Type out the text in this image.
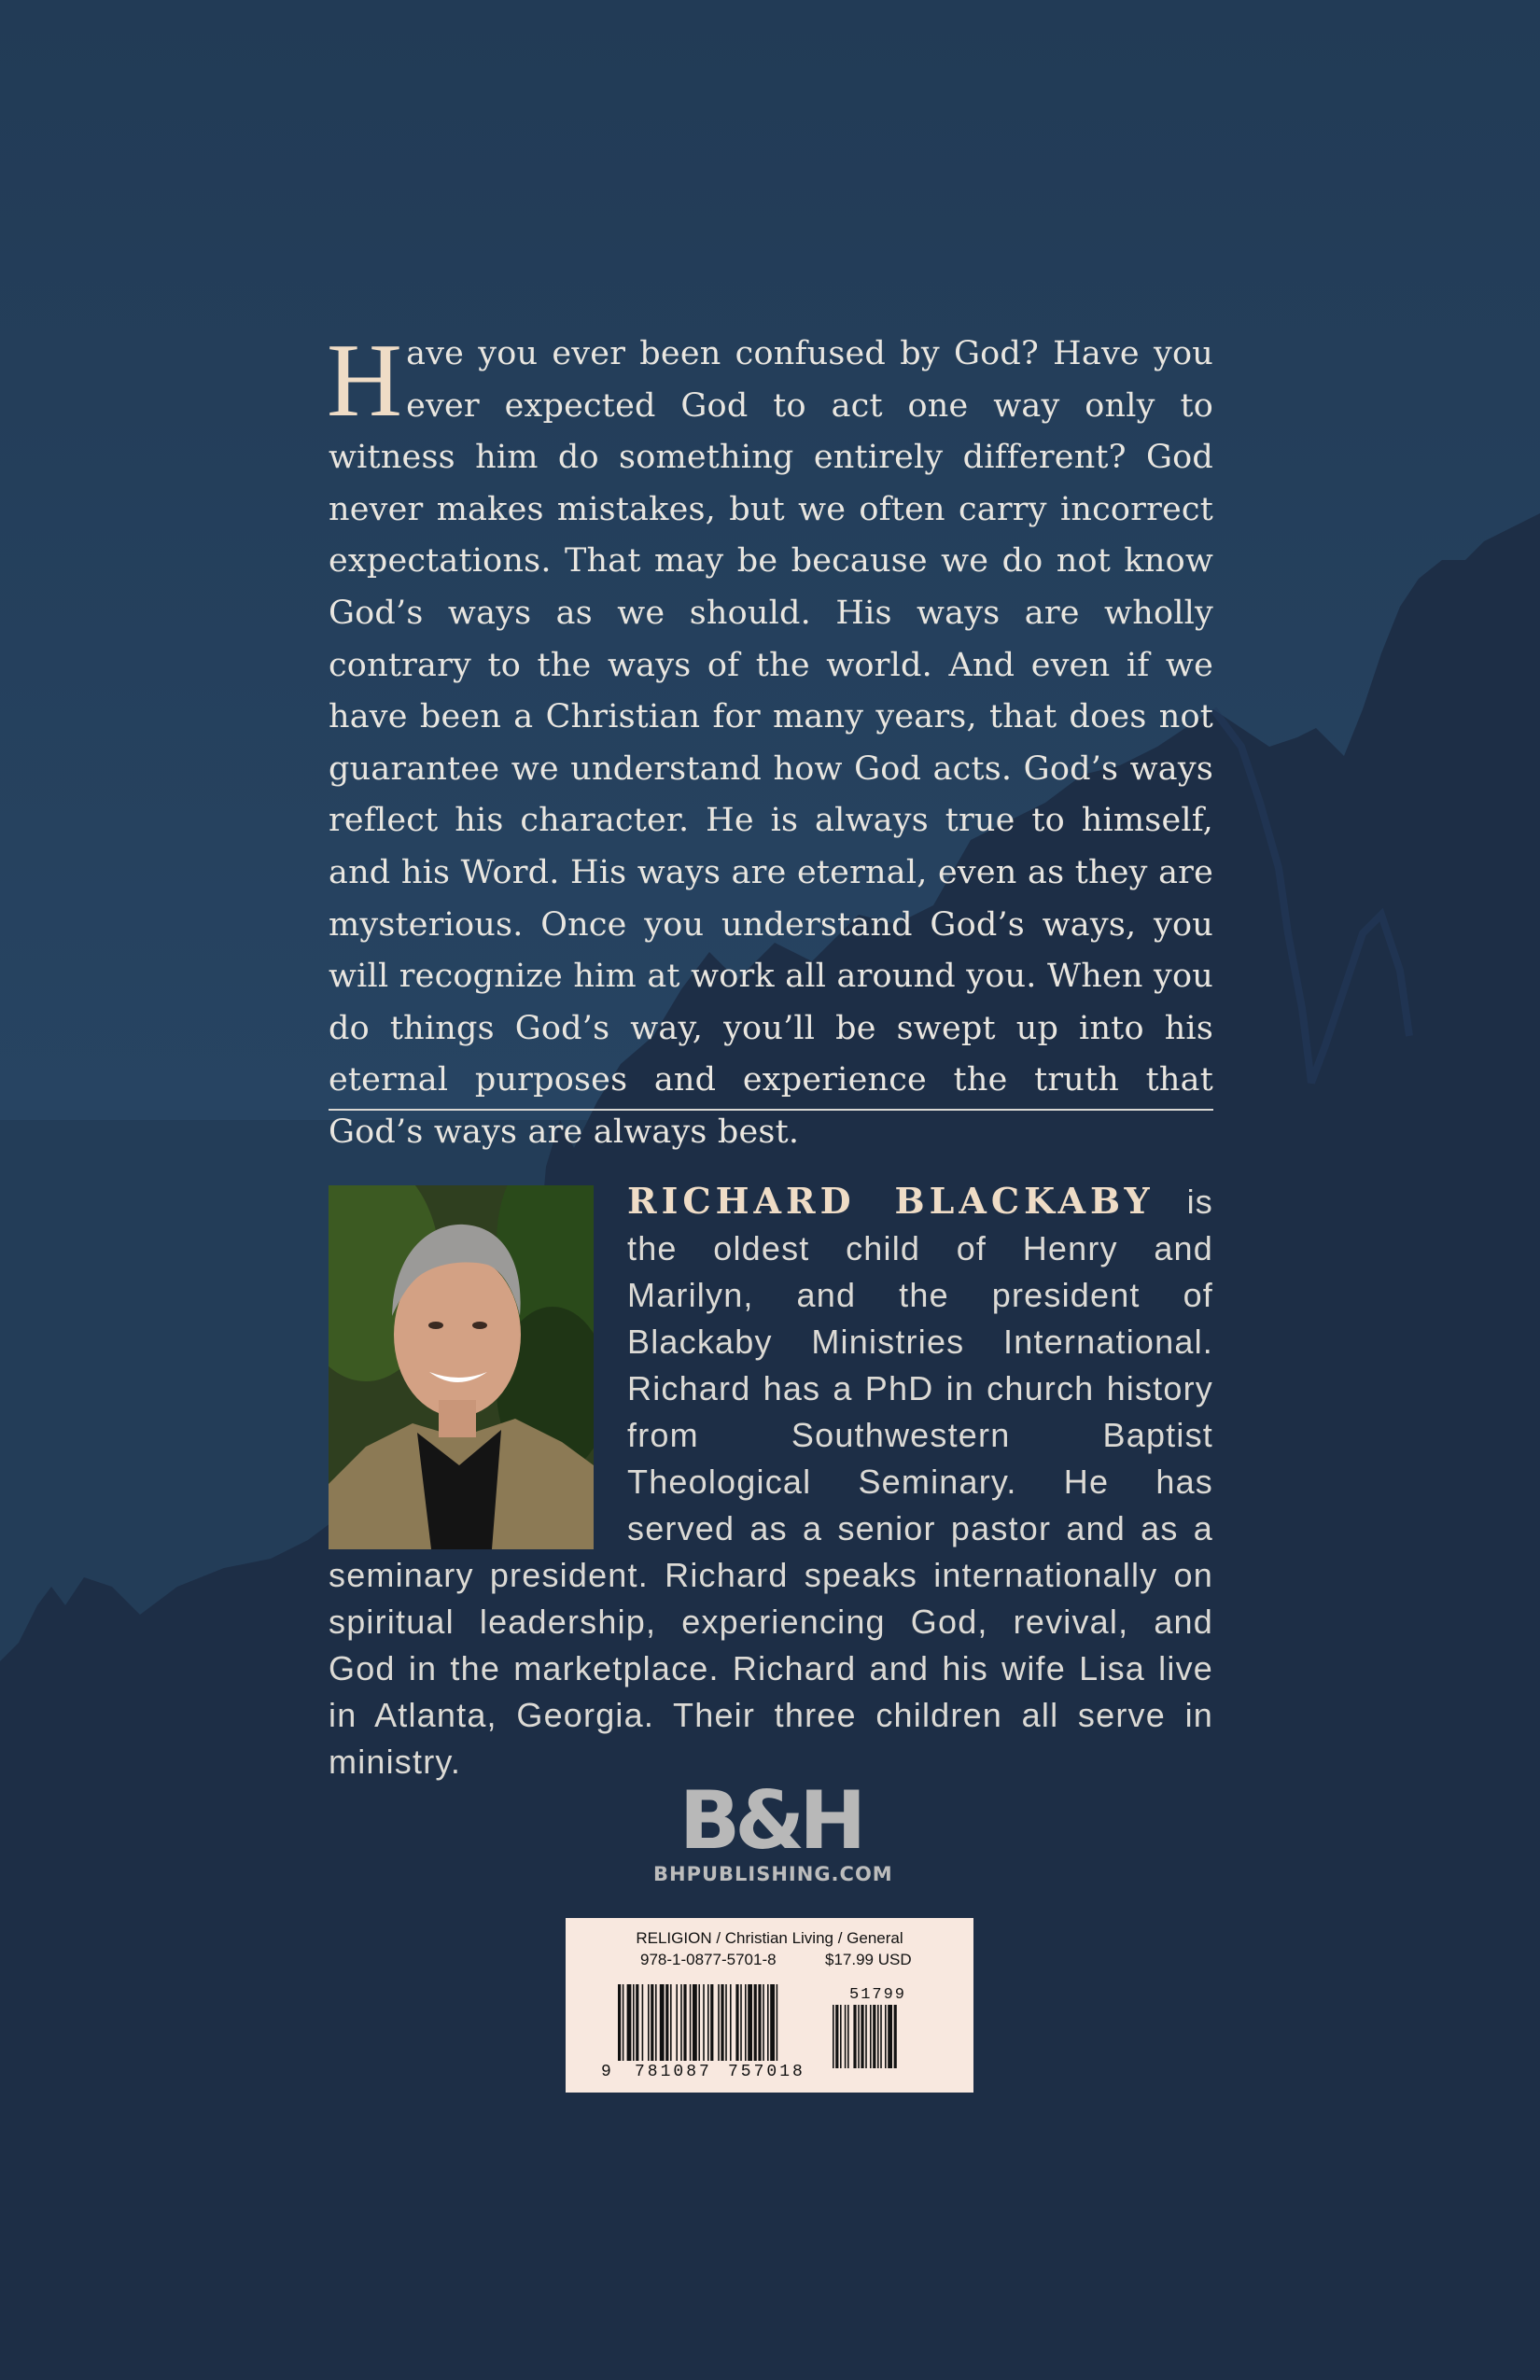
Have you ever been confused by God? Have you ever expected God to act one way only to witness him do something entirely different? God never makes mistakes, but we often carry incorrect expectations. That may be because we do not know God’s ways as we should. His ways are wholly contrary to the ways of the world. And even if we have been a Christian for many years, that does not guarantee we understand how God acts. God’s ways reflect his character. He is always true to himself, and his Word. His ways are eternal, even as they are mysterious. Once you understand God’s ways, you will recognize him at work all around you. When you do things God’s way, you’ll be swept up into his eternal purposes and experience the truth that God’s ways are always best.
RICHARD BLACKABY is the oldest child of Henry and Marilyn, and the president of Blackaby Ministries International. Richard has a PhD in church history from Southwestern Baptist Theological Seminary. He has served as a senior pastor and as a seminary president. Richard speaks internationally on spiritual leadership, experiencing God, revival, and God in the marketplace. Richard and his wife Lisa live in Atlanta, Georgia. Their three children all serve in ministry.
B&H
BHPUBLISHING.COM
RELIGION / Christian Living / General
978-1-0877-5701-8	$17.99 USD
51799
9 781087 757018
